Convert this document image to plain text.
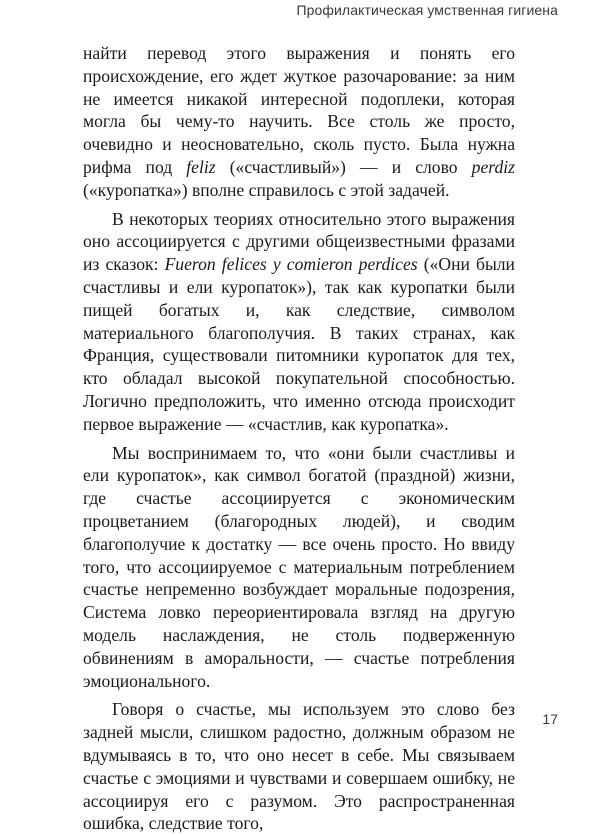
Профилактическая умственная гигиена

найти перевод этого выражения и понять его происхождение, его ждет жуткое разочарование: за ним не имеется никакой интересной подоплеки, которая могла бы чему-то научить. Все столь же просто, очевидно и неосновательно, сколь пусто. Была нужна рифма под feliz («счастливый») — и слово perdiz («куропатка») вполне справилось с этой задачей.

В некоторых теориях относительно этого выражения оно ассоциируется с другими общеизвестными фразами из сказок: Fueron felices y comieron perdices («Они были счастливы и ели куропаток»), так как куропатки были пищей богатых и, как следствие, символом материального благополучия. В таких странах, как Франция, существовали питомники куропаток для тех, кто обладал высокой покупательной способностью. Логично предположить, что именно отсюда происходит первое выражение — «счастлив, как куропатка».

Мы воспринимаем то, что «они были счастливы и ели куропаток», как символ богатой (праздной) жизни, где счастье ассоциируется с экономическим процветанием (благородных людей), и сводим благополучие к достатку — все очень просто. Но ввиду того, что ассоциируемое с материальным потреблением счастье непременно возбуждает моральные подозрения, Система ловко переориентировала взгляд на другую модель наслаждения, не столь подверженную обвинениям в аморальности, — счастье потребления эмоционального.

Говоря о счастье, мы используем это слово без задней мысли, слишком радостно, должным образом не вдумываясь в то, что оно несет в себе. Мы связываем счастье с эмоциями и чувствами и совершаем ошибку, не ассоциируя его с разумом. Это распространенная ошибка, следствие того,

17
